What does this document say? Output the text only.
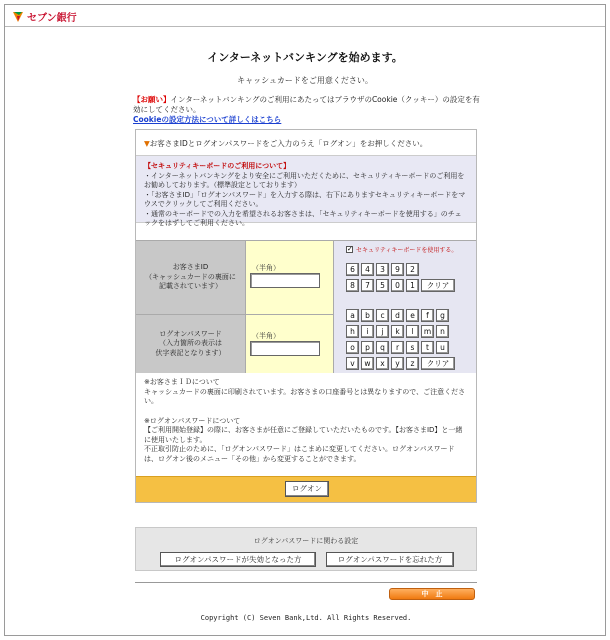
セブン銀行
インターネットバンキングを始めます。
キャッシュカードをご用意ください。
【お願い】インターネットバンキングのご利用にあたってはブラウザのCookie（クッキー）の設定を有効にしてください。
Cookieの設定方法について詳しくはこちら
▼お客さまIDとログオンパスワードをご入力のうえ「ログオン」をお押しください。
【セキュリティキーボードのご利用について】
・インターネットバンキングをより安全にご利用いただくために、セキュリティキーボードのご利用をお勧めしております。（標準設定としております）
・「お客さまID」「ログオンパスワード」を入力する際は、右下にありますセキュリティキーボードをマウスでクリックしてご利用ください。
・通常のキーボードでの入力を希望されるお客さまは、「セキュリティキーボードを使用する」のチェックをはずしてご利用ください。
お客さまID
（キャッシュカードの裏面に
記載されています）
（半角）
ログオンパスワード
（入力箇所の表示は
伏字表記となります）
（半角）
✓ セキュリティキーボードを使用する。
6	4	3	9	2
8	7	5	0	1	クリア
a	b	c	d	e	f	g
h	i	j	k	l	m	n
o	p	q	r	s	t	u
v	w	x	y	z	クリア

※お客さまＩＤについて
キャッシュカードの裏面に印刷されています。お客さまの口座番号とは異なりますので、ご注意ください。

※ログオンパスワードについて
【ご利用開始登録】の際に、お客さまが任意にご登録していただいたものです。【お客さまID】と一緒に使用いたします。
不正取引防止のために、「ログオンパスワード」はこまめに変更してください。ログオンパスワードは、ログオン後のメニュー「その他」から変更することができます。

ログオン
ログオンパスワードに関わる設定
ログオンパスワードが失効となった方	ログオンパスワードを忘れた方
中　止
Copyright (C) Seven Bank,Ltd. All Rights Reserved.
